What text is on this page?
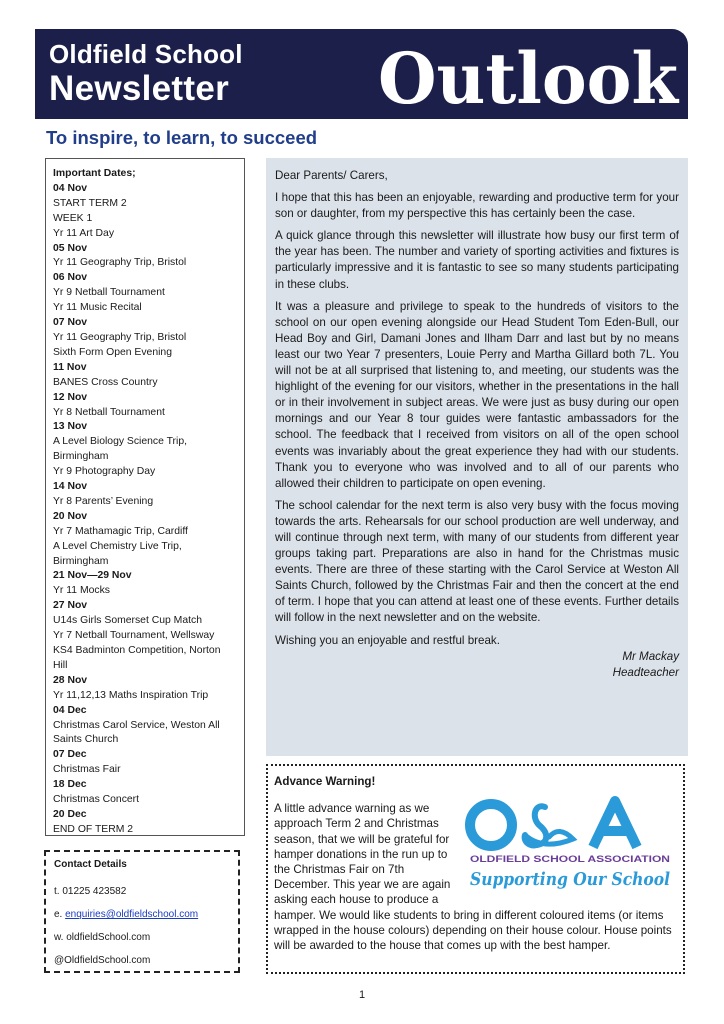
Oldfield School
Newsletter Outlook
To inspire, to learn, to succeed
Important Dates;
04 Nov
START TERM 2
WEEK 1
Yr 11 Art Day
05 Nov
Yr 11 Geography Trip, Bristol
06 Nov
Yr 9 Netball Tournament
Yr 11 Music Recital
07 Nov
Yr 11 Geography Trip, Bristol
Sixth Form Open Evening
11 Nov
BANES Cross Country
12 Nov
Yr 8 Netball Tournament
13 Nov
A Level Biology Science Trip,
Birmingham
Yr 9 Photography Day
14 Nov
Yr 8 Parents’ Evening
20 Nov
Yr 7 Mathamagic Trip, Cardiff
A Level Chemistry Live Trip,
Birmingham
21 Nov—29 Nov
Yr 11 Mocks
27 Nov
U14s Girls Somerset Cup Match
Yr 7 Netball Tournament, Wellsway
KS4 Badminton Competition, Norton
Hill
28 Nov
Yr 11,12,13 Maths Inspiration Trip
04 Dec
Christmas Carol Service, Weston All
Saints Church
07 Dec
Christmas Fair
18 Dec
Christmas Concert
20 Dec
END OF TERM 2
Contact Details
t. 01225 423582
e. enquiries@oldfieldschool.com
w. oldfieldSchool.com
@OldfieldSchool.com

Dear Parents/ Carers,

I hope that this has been an enjoyable, rewarding and productive term for your son or daughter, from my perspective this has certainly been the case.

A quick glance through this newsletter will illustrate how busy our first term of the year has been. The number and variety of sporting activities and fixtures is particularly impressive and it is fantastic to see so many students participating in these clubs.

It was a pleasure and privilege to speak to the hundreds of visitors to the school on our open evening alongside our Head Student Tom Eden-Bull, our Head Boy and Girl, Damani Jones and Ilham Darr and last but by no means least our two Year 7 presenters, Louie Perry and Martha Gillard both 7L. You will not be at all surprised that listening to, and meeting, our students was the highlight of the evening for our visitors, whether in the presentations in the hall or in their involvement in subject areas. We were just as busy during our open mornings and our Year 8 tour guides were fantastic ambassadors for the school. The feedback that I received from visitors on all of the open school events was invariably about the great experience they had with our students. Thank you to everyone who was involved and to all of our parents who allowed their children to participate on open evening.

The school calendar for the next term is also very busy with the focus moving towards the arts. Rehearsals for our school production are well underway, and will continue through next term, with many of our students from different year groups taking part. Preparations are also in hand for the Christmas music events. There are three of these starting with the Carol Service at Weston All Saints Church, followed by the Christmas Fair and then the concert at the end of term. I hope that you can attend at least one of these events. Further details will follow in the next newsletter and on the website.

Wishing you an enjoyable and restful break.

Mr Mackay
Headteacher
Advance Warning!
OLDFIELD SCHOOL ASSOCIATION
Supporting Our School

A little advance warning as we approach Term 2 and Christmas season, that we will be grateful for hamper donations in the run up to the Christmas Fair on 7th December. This year we are again asking each house to produce a hamper. We would like students to bring in different coloured items (or items wrapped in the house colours) depending on their house colour. House points will be awarded to the house that comes up with the best hamper.

1
